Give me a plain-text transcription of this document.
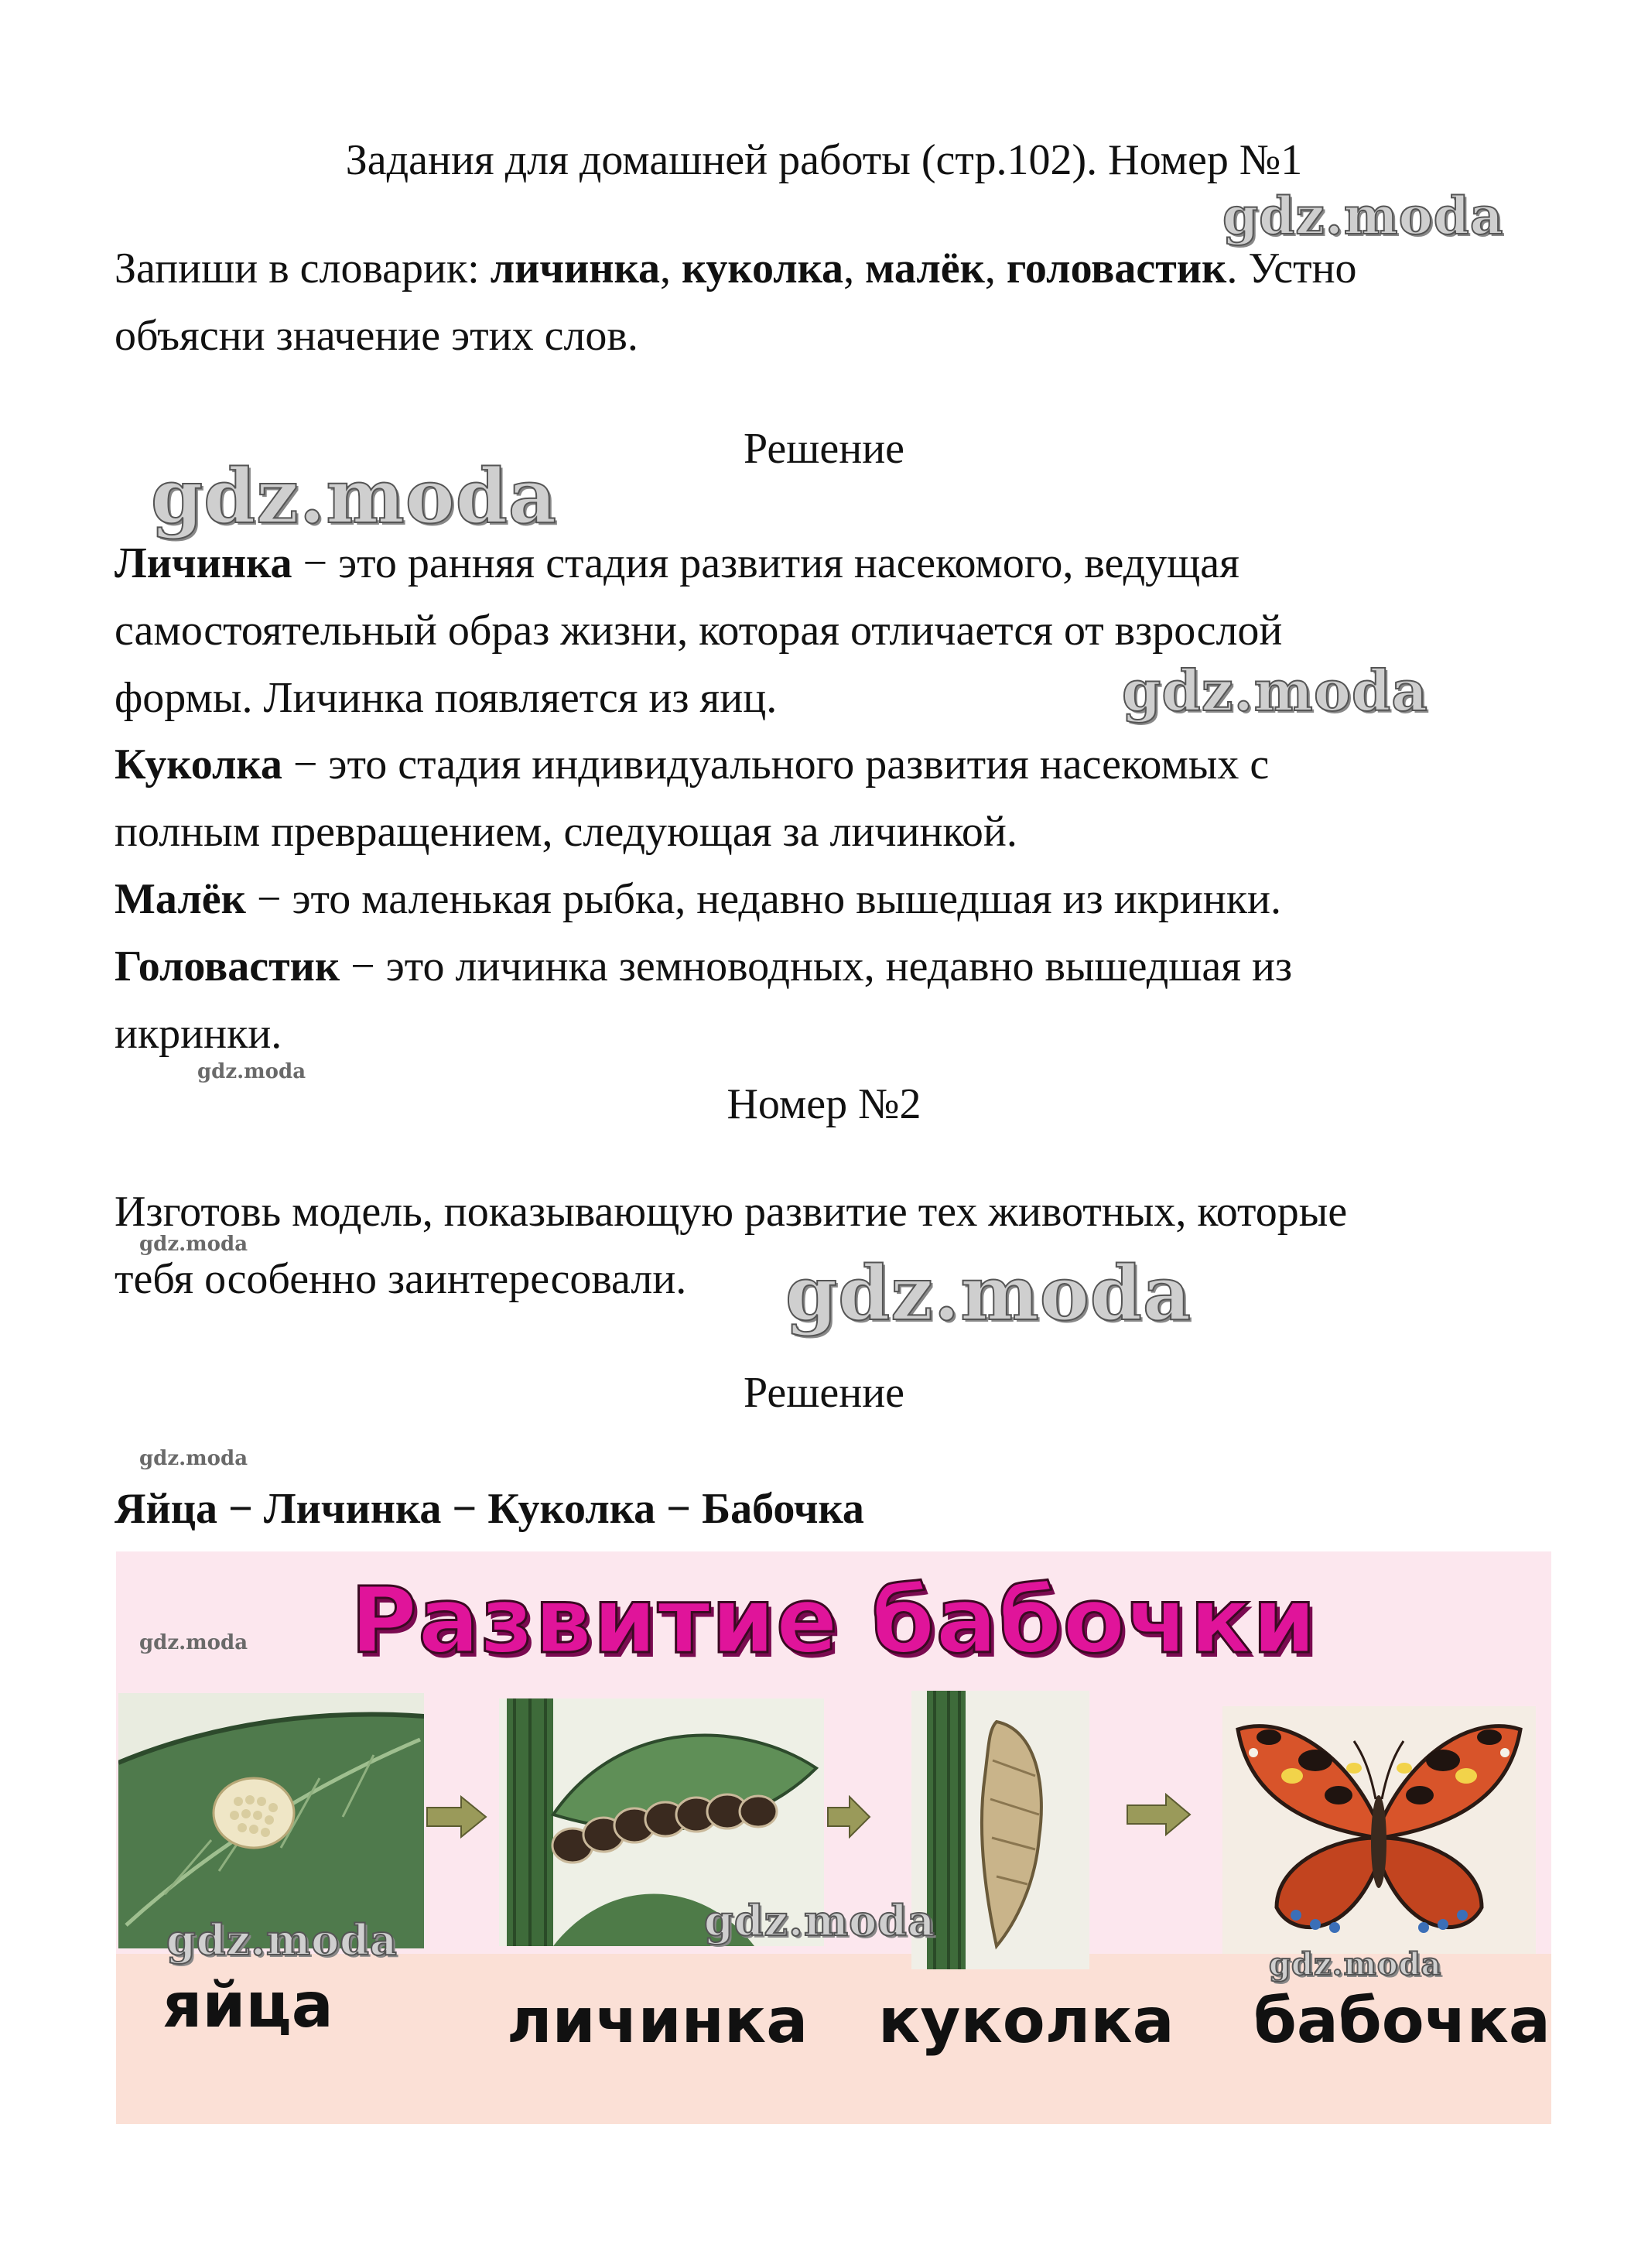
Задания для домашней работы (стр.102). Номер №1
Запиши в словарик: личинка, куколка, малёк, головастик. Устно
объясни значение этих слов.
Решение
Личинка − это ранняя стадия развития насекомого, ведущая
самостоятельный образ жизни, которая отличается от взрослой
формы. Личинка появляется из яиц.
Куколка − это стадия индивидуального развития насекомых с
полным превращением, следующая за личинкой.
Малёк − это маленькая рыбка, недавно вышедшая из икринки.
Головастик − это личинка земноводных, недавно вышедшая из
икринки.
Номер №2
Изготовь модель, показывающую развитие тех животных, которые
тебя особенно заинтересовали.
Решение
Яйца − Личинка − Куколка − Бабочка
Развитие бабочки
яйца	личинка куколка бабочка
gdz.moda
gdz.moda
gdz.moda
gdz.moda
gdz.moda
gdz.moda
gdz.moda
gdz.moda
gdz.moda	gdz.moda
gdz.moda
